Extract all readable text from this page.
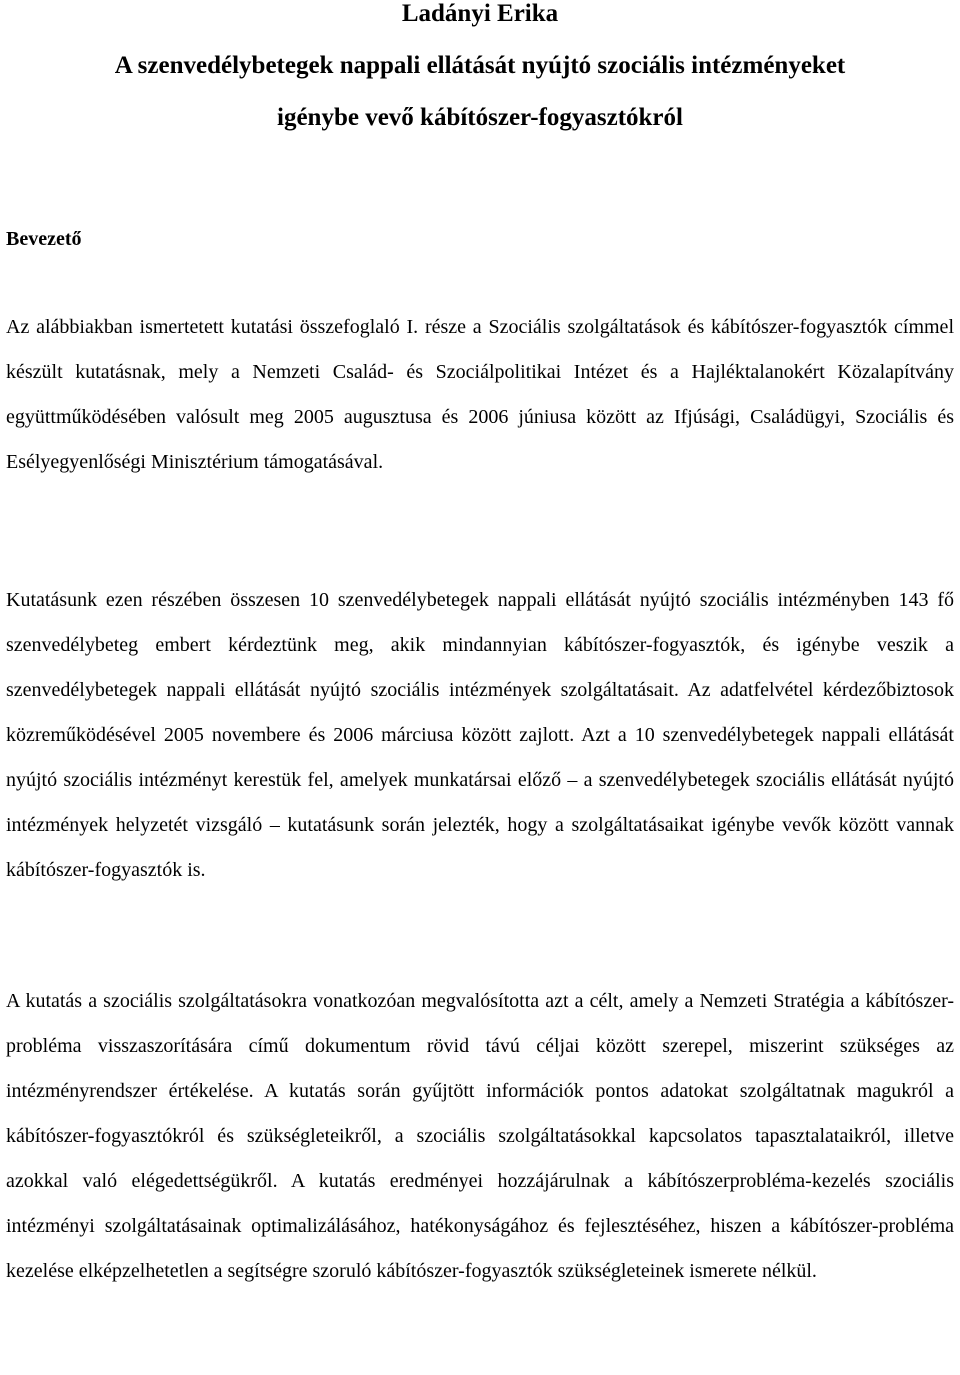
Ladányi Erika
A szenvedélybetegek nappali ellátását nyújtó szociális intézményeket
igénybe vevő kábítószer-fogyasztókról
Bevezető

Az alábbiakban ismertetett kutatási összefoglaló I. része a Szociális szolgáltatások és kábítószer-fogyasztók címmel készült kutatásnak, mely a Nemzeti Család- és Szociálpolitikai Intézet és a Hajléktalanokért Közalapítvány együttműködésében valósult meg 2005 augusztusa és 2006 júniusa között az Ifjúsági, Családügyi, Szociális és Esélyegyenlőségi Minisztérium támogatásával.

Kutatásunk ezen részében összesen 10 szenvedélybetegek nappali ellátását nyújtó szociális intézményben 143 fő szenvedélybeteg embert kérdeztünk meg, akik mindannyian kábítószer-fogyasztók, és igénybe veszik a szenvedélybetegek nappali ellátását nyújtó szociális intézmények szolgáltatásait. Az adatfelvétel kérdezőbiztosok közreműködésével 2005 novembere és 2006 márciusa között zajlott. Azt a 10 szenvedélybetegek nappali ellátását nyújtó szociális intézményt kerestük fel, amelyek munkatársai előző – a szenvedélybetegek szociális ellátását nyújtó intézmények helyzetét vizsgáló – kutatásunk során jelezték, hogy a szolgáltatásaikat igénybe vevők között vannak kábítószer-fogyasztók is.

A kutatás a szociális szolgáltatásokra vonatkozóan megvalósította azt a célt, amely a Nemzeti Stratégia a kábítószer-probléma visszaszorítására című dokumentum rövid távú céljai között szerepel, miszerint szükséges az intézményrendszer értékelése. A kutatás során gyűjtött információk pontos adatokat szolgáltatnak magukról a kábítószer-fogyasztókról és szükségleteikről, a szociális szolgáltatásokkal kapcsolatos tapasztalataikról, illetve azokkal való elégedettségükről. A kutatás eredményei hozzájárulnak a kábítószerprobléma-kezelés szociális intézményi szolgáltatásainak optimalizálásához, hatékonyságához és fejlesztéséhez, hiszen a kábítószer-probléma kezelése elképzelhetetlen a segítségre szoruló kábítószer-fogyasztók szükségleteinek ismerete nélkül.
